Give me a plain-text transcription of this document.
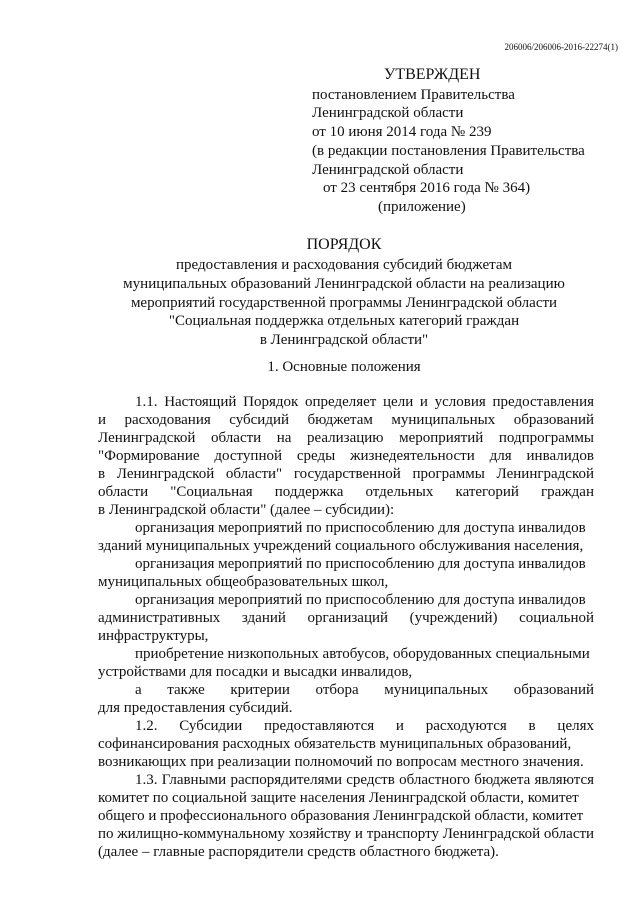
206006/206006-2016-22274(1)
УТВЕРЖДЕН
постановлением Правительства
Ленинградской области
от 10 июня 2014 года № 239
(в редакции постановления Правительства
Ленинградской области
от 23 сентября 2016 года № 364)
(приложение)
ПОРЯДОК
предоставления и расходования субсидий бюджетам
муниципальных образований Ленинградской области на реализацию
мероприятий государственной программы Ленинградской области
"Социальная поддержка отдельных категорий граждан
в Ленинградской области"
1. Основные положения
1.1. Настоящий Порядок определяет цели и условия предоставления
и расходования субсидий бюджетам муниципальных образований
Ленинградской области на реализацию мероприятий подпрограммы
"Формирование доступной среды жизнедеятельности для инвалидов
в Ленинградской области" государственной программы Ленинградской
области "Социальная поддержка отдельных категорий граждан
в Ленинградской области" (далее – субсидии):
организация мероприятий по приспособлению для доступа инвалидов
зданий муниципальных учреждений социального обслуживания населения,
организация мероприятий по приспособлению для доступа инвалидов
муниципальных общеобразовательных школ,
организация мероприятий по приспособлению для доступа инвалидов
административных зданий организаций (учреждений) социальной
инфраструктуры,
приобретение низкопольных автобусов, оборудованных специальными
устройствами для посадки и высадки инвалидов,
а также критерии отбора муниципальных образований
для предоставления субсидий.
1.2. Субсидии предоставляются и расходуются в целях
софинансирования расходных обязательств муниципальных образований,
возникающих при реализации полномочий по вопросам местного значения.
1.3. Главными распорядителями средств областного бюджета являются
комитет по социальной защите населения Ленинградской области, комитет
общего и профессионального образования Ленинградской области, комитет
по жилищно-коммунальному хозяйству и транспорту Ленинградской области
(далее – главные распорядители средств областного бюджета).
